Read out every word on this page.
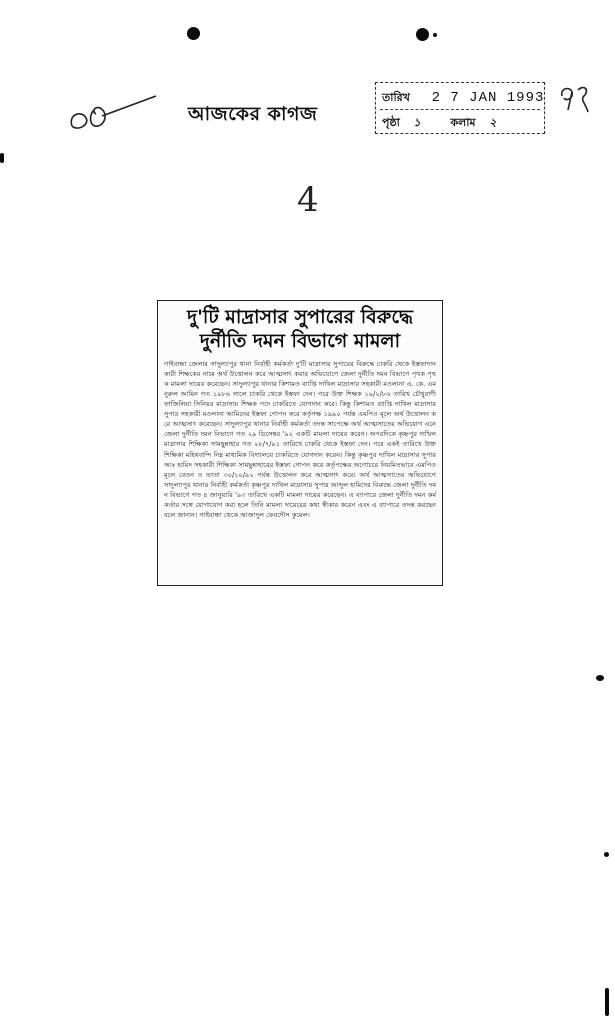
আজকের কাগজ
তারিখ 2 7 JAN 1993
পৃষ্ঠা ১	কলাম ২
4
দু'টি মাদ্রাসার সুপারের বিরুদ্ধে
দুর্নীতি দমন বিভাগে মামলা
গাইবান্ধা জেলার সাদুল্যাপুর থানা নির্বাহী কর্মকর্তা দু'টি মাদ্রাসার সুপারের বিরুদ্ধে চাকরি থেকে ইস্তফাদানকারী শিক্ষকের নামে অর্থ উত্তোলন করে আত্মসাৎ করার অভিযোগে জেলা দুর্নীতি দমন বিভাগে পৃথক পৃথক মামলা দায়ের করেছেন। সাদুল্যাপুর থানার কিশামত ব্যাপ্তি দাখিল মাদ্রাসার সহকারী মওলানা এ. কে. এম নুরুল আমিন গত ১৯৮৬ সালে চাকরি থেকে ইস্তফা দেন। পরে উক্ত শিক্ষক ১৯/২/৮৬ তারিখ চৌধুরাণী ফাজিলিয়া সিনিয়র মাদ্রাসায় শিক্ষক পদে চাকরিতে যোগদান করে। কিন্তু কিশামত ব্যাপ্তি দাখিল মাদ্রাসার সুপার সহকারী মওলানা আমিনের ইস্তফা গোপন করে কর্তৃপক্ষ ১৯৯০ পর্যন্ত এমপিও মূলে অর্থ উত্তোলন করে আত্মসাৎ করেছেন। সাদুল্যাপুর থানার নির্বাহী কর্মকর্তা তদন্ত সাপেক্ষে অর্থ আত্মসাতের অভিযোগ এনে জেলা দুর্নীতি দমন বিভাগে গত ২৯ ডিসেম্বর '৯২ একটি মামলা দায়ের করেন। অপরদিকে কৃষ্ণপুর দাখিল মাদ্রাসার শিক্ষিকা সামছুন্নাহার গত ২৮/৭/৯১ তারিখে চাকরি থেকে ইস্তফা দেন। পরে একই তারিখে উক্ত শিক্ষিকা মহিষবান্দি নিম্ন মাধ্যমিক বিদ্যালয়ে চাকরিতে যোগদান করেন। কিন্তু কৃষ্ণপুর দাখিল মাদ্রাসার সুপার আঃ হামিদ সহকারী শিক্ষিকা সামছুন্নাহারের ইস্তফা গোপন করে কর্তৃপক্ষের অগোচরে নিয়মিতভাবে এমপিও মূলে বেতন ও ভাতা ৩০/১০/৯২ পর্যন্ত উত্তোলন করে আত্মসাৎ করে। অর্থ আত্মসাতের অভিযোগে সাদুল্যাপুর থানার নির্বাহী কর্মকর্তা কৃষ্ণপুর দাখিল মাদ্রাসার সুপার আব্দুল হামিদের বিরুদ্ধে জেলা দুর্নীতি দমন বিভাগে গত ৪ জানুয়ারি '৯৩ তারিখে একটি মামলা দায়ের করেছেন। এ ব্যাপারে জেলা দুর্নীতি দমন কর্মকর্তার সঙ্গে যোগাযোগ করা হলে তিনি মামলা দায়েরের কথা স্বীকার করেন এবং এ ব্যাপারে তদন্ত করছেন বলে জানান। গাইবান্ধা থেকে আজাদুল ফেরদৌস কুমেল।
